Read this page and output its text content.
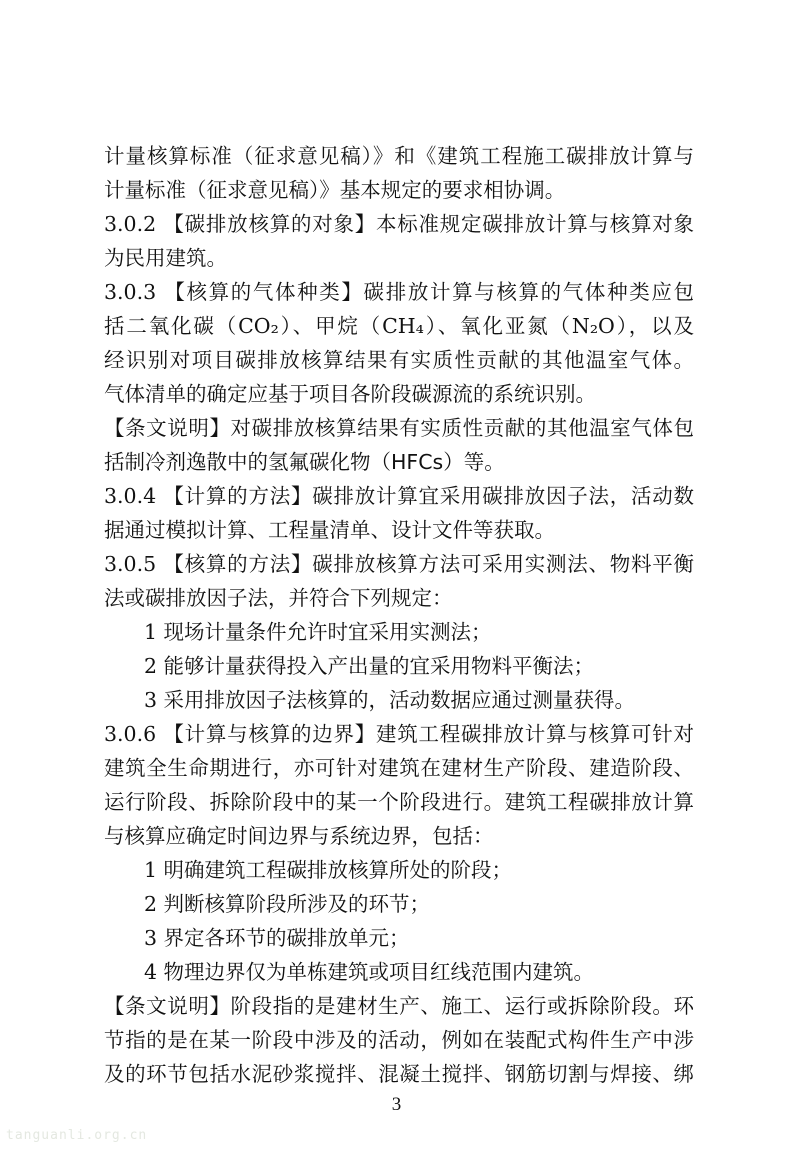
计量核算标准（征求意见稿）》和《建筑工程施工碳排放计算与
计量标准（征求意见稿）》基本规定的要求相协调。
3.0.2 【碳排放核算的对象】本标准规定碳排放计算与核算对象
为民用建筑。
3.0.3 【核算的气体种类】碳排放计算与核算的气体种类应包
括二氧化碳（CO₂）、甲烷（CH₄）、氧化亚氮（N₂O），以及
经识别对项目碳排放核算结果有实质性贡献的其他温室气体。
气体清单的确定应基于项目各阶段碳源流的系统识别。
【条文说明】对碳排放核算结果有实质性贡献的其他温室气体包
括制冷剂逸散中的氢氟碳化物（HFCs）等。
3.0.4 【计算的方法】碳排放计算宜采用碳排放因子法，活动数
据通过模拟计算、工程量清单、设计文件等获取。
3.0.5 【核算的方法】碳排放核算方法可采用实测法、物料平衡
法或碳排放因子法，并符合下列规定：
1 现场计量条件允许时宜采用实测法；
2 能够计量获得投入产出量的宜采用物料平衡法；
3 采用排放因子法核算的，活动数据应通过测量获得。
3.0.6 【计算与核算的边界】建筑工程碳排放计算与核算可针对
建筑全生命期进行，亦可针对建筑在建材生产阶段、建造阶段、
运行阶段、拆除阶段中的某一个阶段进行。建筑工程碳排放计算
与核算应确定时间边界与系统边界，包括：
1 明确建筑工程碳排放核算所处的阶段；
2 判断核算阶段所涉及的环节；
3 界定各环节的碳排放单元；
4 物理边界仅为单栋建筑或项目红线范围内建筑。
【条文说明】阶段指的是建材生产、施工、运行或拆除阶段。环
节指的是在某一阶段中涉及的活动，例如在装配式构件生产中涉
及的环节包括水泥砂浆搅拌、混凝土搅拌、钢筋切割与焊接、绑
3
tanguanli.org.cn
